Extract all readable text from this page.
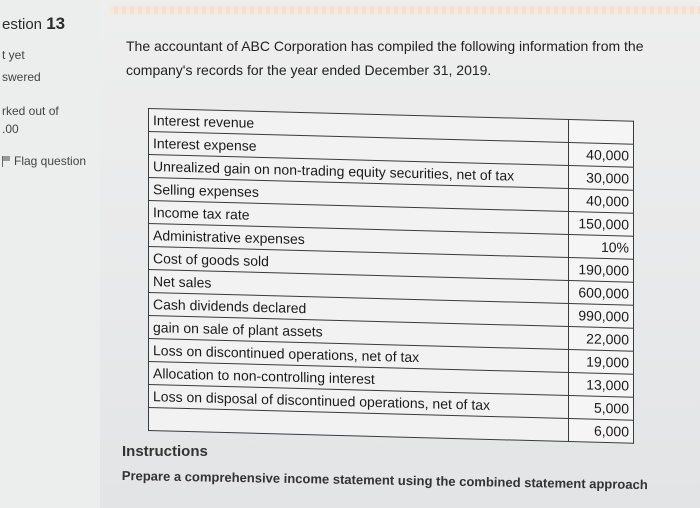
estion 13
t yet
swered
rked out of
.00
Flag question
The accountant of ABC Corporation has compiled the following information from the company's records for the year ended December 31, 2019.
Interest revenue	
Interest expense	40,000
Unrealized gain on non-trading equity securities, net of tax	30,000
Selling expenses	40,000
Income tax rate	150,000
Administrative expenses	10%
Cost of goods sold	190,000
Net sales	600,000
Cash dividends declared	990,000
gain on sale of plant assets	22,000
Loss on discontinued operations, net of tax	19,000
Allocation to non-controlling interest	13,000
Loss on disposal of discontinued operations, net of tax	5,000
	6,000
Instructions
Prepare a comprehensive income statement using the combined statement approach
